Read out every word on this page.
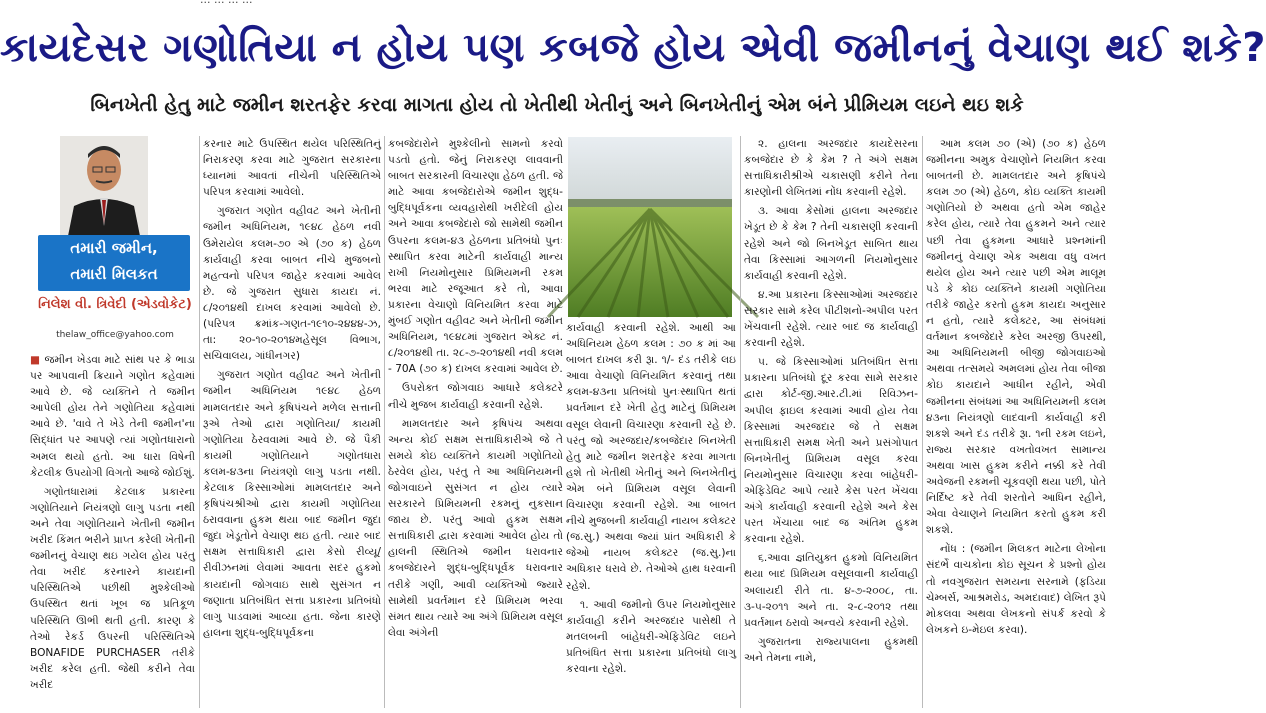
કાયદેસર ગણોતિયા ન હોય પણ કબજે હોય એવી જમીનનું વેચાણ થઈ શકે?
બિનખેતી હેતુ માટે જમીન શરતફેર કરવા માગતા હોય તો ખેતીથી ખેતીનું અને બિનખેતીનું એમ બંને પ્રીમિયમ લઇને થઇ શકે
તમારી જમીન,
તમારી મિલકત
નિલેશ વી. ત્રિવેદી (એડવોકેટ)
thelaw_office@yahoo.com

■ જમીન ખેડવા માટે સાંથ પર કે ભાડા પર આપવાની ક્રિયાને ગણોત કહેવામાં આવે છે. જે વ્યક્તિને તે જમીન આપેલી હોય તેને ગણોતિયા કહેવામાં આવે છે. 'વાવે તે ખેડે તેની જમીન'ના સિદ્ધાંત પર આપણે ત્યાં ગણોતધારાનો અમલ થયો હતો. આ ધારા વિષેની કેટલીક ઉપયોગી વિગતો આજે જોઈશું.

ગણોતધારામાં કેટલાક પ્રકારના ગણોતિયાને નિયંત્રણો લાગુ પડતા નથી અને તેવા ગણોતિયાને ખેતીની જમીન ખરીદ કિંમત ભરીને પ્રાપ્ત કરેલી ખેતીની જમીનનું વેચાણ થઇ ગયેલ હોય પરંતુ તેવા ખરીદ કરનારને કાયદાની પરિસ્થિતિએ પછીથી મુશ્કેલીઓ ઉપસ્થિત થતાં ખૂબ જ પ્રતિકૂળ પરિસ્થિતિ ઊભી થતી હતી. કારણ કે તેઓ રેકર્ડ ઉપરની પરિસ્થિતિએ BONAFIDE PURCHASER તરીકે ખરીદ કરેલ હતી. જેથી કરીને તેવા ખરીદ

કરનાર માટે ઉપસ્થિત થયેલ પરિસ્થિતિનું નિરાકરણ કરવા માટે ગુજરાત સરકારના ધ્યાનમાં આવતાં નીચેની પરિસ્થિતિએ પરિપત્ર કરવામાં આવેલો.

ગુજરાત ગણોત વહીવટ અને ખેતીની જમીન અધિનિયમ, ૧૯૪૮ હેઠળ નવી ઉમેરાયેલ કલમ-૭૦ એ (૭૦ ક) હેઠળ કાર્યવાહી કરવા બાબત નીચે મુજબનો મહત્વનો પરિપત્ર જાહેર કરવામાં આવેલ છે. જે ગુજરાત સુધારા કાયદા નં. ૮/૨૦૧૪થી દાખલ કરવામાં આવેલો છે. (પરિપત્ર ક્રમાંક-ગણત-૧૯૧૦-૨૪૪૪-ઝ, તા: ૨૦-૧૦-૨૦૧૪મહેસૂલ વિભાગ, સચિવાલય, ગાંધીનગર)

ગુજરાત ગણોત વહીવટ અને ખેતીની જમીન અધિનિયમ ૧૯૪૮ હેઠળ મામલતદાર અને કૃષિપંચને મળેલ સત્તાની રૂએ તેઓ દ્વારા ગણોતિયા/ કાયમી ગણોતિયા ઠેરવવામાં આવે છે. જે પૈકી કાયમી ગણોતિયાને ગણોતધારા કલમ-૪૩ના નિયંત્રણો લાગુ પડતા નથી. કેટલાક કિસ્સાઓમાં મામલતદાર અને કૃષિપંચશ્રીઓ દ્વારા કાયમી ગણોતિયા ઠરાવવાના હુકમ થયા બાદ જમીન જુદા જુદા ખેડૂતોને વેચાણ થઇ હતી. ત્યાર બાદ સક્ષમ સત્તાધિકારી દ્વારા કેસો રીવ્યૂ/રીવીઝનમાં લેવામાં આવતા સદર હુકમો કાયદાની જોગવાઇ સાથે સુસંગત ન જણાતા પ્રતિબંધિત સત્તા પ્રકારના પ્રતિબંધો લાગુ પાડવામાં આવ્યા હતા. જેના કારણે હાલના શુદ્ધ-બુદ્ધિપૂર્વકના

કબજેદારોને મુશ્કેલીનો સામનો કરવો પડતો હતો. જેનું નિરાકરણ લાવવાની બાબત સરકારની વિચારણા હેઠળ હતી. જે માટે આવા કબજેદારોએ જમીન શુદ્ધ-બુદ્ધિપૂર્વકના વ્યવહારોથી ખરીદેલી હોય અને આવા કબજેદારો જો સામેથી જમીન ઉપરના કલમ-૪૩ હેઠળના પ્રતિબંધો પુનઃ સ્થાપિત કરવા માટેની કાર્યવાહી માન્ય રાખી નિયમોનુસાર પ્રિમિયમની રકમ ભરવા માટે રજૂઆત કરે તો, આવા પ્રકારના વેચાણો વિનિયમિત કરવા માટે મુંબઈ ગણોત વહીવટ અને ખેતીની જમીન અધિનિયમ, ૧૯૪૮માં ગુજરાત એક્ટ નં. ૮/૨૦૧૪થી તા. ૨૮-૭-૨૦૧૪થી નવી કલમ - 70A (૭૦ ક) દાખલ કરવામાં આવેલ છે.

ઉપરોક્ત જોગવાઇ આધારે કલેક્ટરે નીચે મુજબ કાર્યવાહી કરવાની રહેશે.

મામલતદાર અને કૃષિપંચ અથવા અન્ય કોઈ સક્ષમ સત્તાધિકારીએ જે તે સમયે કોઇ વ્યક્તિને કાયમી ગણોતિયો ઠેરવેલ હોય, પરંતુ તે આ અધિનિયમની જોગવાઇને સુસંગત ન હોય ત્યારે સરકારને પ્રિમિયમની રકમનું નુકસાન જાય છે. પરંતુ આવો હુકમ સક્ષમ સત્તાધિકારી દ્વારા કરવામાં આવેલ હોય તો હાલની સ્થિતિએ જમીન ધરાવનાર કબજેદારને શુદ્ધ-બુદ્ધિપૂર્વક ધરાવનાર તરીકે ગણી, આવી વ્યક્તિઓ જ્યારે સામેથી પ્રવર્તમાન દરે પ્રિમિયમ ભરવા સંમત થાય ત્યારે આ અંગે પ્રિમિયમ વસૂલ લેવા અંગેની

કાર્યવાહી કરવાની રહેશે. આથી આ અધિનિયમ હેઠળ કલમ : ૭૦ ક માં આ બાબત દાખલ કરી રૂા. ૧/- દંડ તરીકે લઇ આવા વેચાણો વિનિયમિત કરવાનું તથા કલમ-૪૩ના પ્રતિબંધો પુનઃસ્થાપિત થતાં પ્રવર્તમાન દરે ખેતી હેતુ માટેનું પ્રિમિયમ વસૂલ લેવાની વિચારણા કરવાની રહે છે. પરંતુ જો અરજદાર/કબજેદાર બિનખેતી હેતુ માટે જમીન શરતફેર કરવા માગતા હશે તો ખેતીથી ખેતીનું અને બિનખેતીનું એમ બંને પ્રિમિયમ વસૂલ લેવાની વિચારણા કરવાની રહેશે. આ બાબત નીચે મુજબની કાર્યવાહી નાયબ કલેક્ટર (જ.સુ.) અથવા જ્યાં પ્રાંત અધિકારી કે જેઓ નાયબ કલેક્ટર (જ.સુ.)ના અધિકાર ધરાવે છે. તેઓએ હાથ ધરવાની રહેશે.

૧. આવી જમીનો ઉપર નિયમોનુસાર કાર્યવાહી કરીને અરજદાર પાસેથી તે મતલબની બાંહેધરી-એફિડેવિટ લઇને પ્રતિબંધિત સત્તા પ્રકારના પ્રતિબંધો લાગુ કરવાના રહેશે.

૨. હાલના અરજદાર કાયદેસરના કબજેદાર છે કે કેમ ? તે અંગે સક્ષમ સત્તાધિકારીશ્રીએ ચકાસણી કરીને તેના કારણોની લેખિતમાં નોંધ કરવાની રહેશે.

૩. આવા કેસોમાં હાલના અરજદાર ખેડૂત છે કે કેમ ? તેની ચકાસણી કરવાની રહેશે અને જો બિનખેડૂત સાબિત થાય તેવા કિસ્સામાં આગળની નિયમોનુસાર કાર્યવાહી કરવાની રહેશે.

૪.આ પ્રકારના કિસ્સાઓમાં અરજદાર સરકાર સામે કરેલ પીટીશનો-અપીલ પરત ખેંચવાની રહેશે. ત્યાર બાદ જ કાર્યવાહી કરવાની રહેશે.

૫. જે કિસ્સાઓમાં પ્રતિબંધિત સત્તા પ્રકારના પ્રતિબંધો દૂર કરવા સામે સરકાર દ્વારા કોર્ટ-જી.આર.ટી.માં રિવિઝન-અપીલ ફાઇલ કરવામાં આવી હોય તેવા કિસ્સામાં અરજદાર જે તે સક્ષમ સત્તાધિકારી સમક્ષ ખેતી અને પ્રસંગોપાત બિનખેતીનું પ્રિમિયમ વસૂલ કરવા નિયમોનુસાર વિચારણા કરવા બાંહેધરી-એફિડેવિટ આપે ત્યારે કેસ પરત ખેંચવા અંગે કાર્યવાહી કરવાની રહેશે અને કેસ પરત ખેંચાયા બાદ જ અંતિમ હુકમ કરવાના રહેશે.

૬.આવા જ્ઞતિયુક્ત હુકમો વિનિયમિત થયા બાદ પ્રિમિયમ વસૂલવાની કાર્યવાહી અલાયદી રીતે તા. ૪-૭-૨૦૦૮, તા. ૩-૫-૨૦૧૧ અને તા. ૨-૮-૨૦૧૨ તથા પ્રવર્તમાન ઠરાવો અન્વયે કરવાની રહેશે.

ગુજરાતના રાજ્યપાલના હુકમથી અને તેમના નામે,

આમ કલમ ૭૦ (એ) (૭૦ ક) હેઠળ જમીનના અમુક વેચાણોને નિયમિત કરવા બાબતની છે. મામલતદાર અને કૃષિપંચે કલમ ૭૦ (એ) હેઠળ, કોઇ વ્યક્તિ કાયમી ગણોતિયો છે અથવા હતો એમ જાહેર કરેલ હોય, ત્યારે તેવા હુકમને અને ત્યાર પછી તેવા હુકમના આધારે પ્રશ્નમાંની જમીનનું વેચાણ એક અથવા વધુ વખત થયેલ હોય અને ત્યાર પછી એમ માલૂમ પડે કે કોઇ વ્યક્તિને કાયમી ગણોતિયા તરીકે જાહેર કરતો હુકમ કાયદા અનુસાર ન હતો, ત્યારે કલેક્ટર, આ સંબંધમાં વર્તમાન કબજેદારે કરેલ અરજી ઉપરથી, આ અધિનિયમની બીજી જોગવાઇઓ અથવા તત્સમયે અમલમાં હોય તેવા બીજા કોઇ કાયદાને આધીન રહીને, એવી જમીનના સંબંધમાં આ અધિનિયમની કલમ ૪૩ના નિયંત્રણો લાદવાની કાર્યવાહી કરી શકશે અને દંડ તરીકે રૂા. ૧ની રકમ લઇને, રાજ્ય સરકાર વખતોવખત સામાન્ય અથવા ખાસ હુકમ કરીને નક્કી કરે તેવી અવેજની રકમની ચૂકવણી થયા પછી, પોતે નિર્દિષ્ટ કરે તેવી શરતોને આધિન રહીને, એવા વેચાણને નિયમિત કરતો હુકમ કરી શકશે.

નોંધ : (જમીન મિલકત માટેના લેખોના સંદર્ભે વાચકોના કોઇ સૂચન કે પ્રશ્નો હોય તો નવગુજરાત સમયના સરનામે (ફડિયા ચેમ્બર્સ, આશ્રમરોડ, અમદાવાદ) લેખિત રૂપે મોકલવા અથવા લેખકનો સંપર્ક કરવો કે લેખકને ઇ-મેઇલ કરવા).
